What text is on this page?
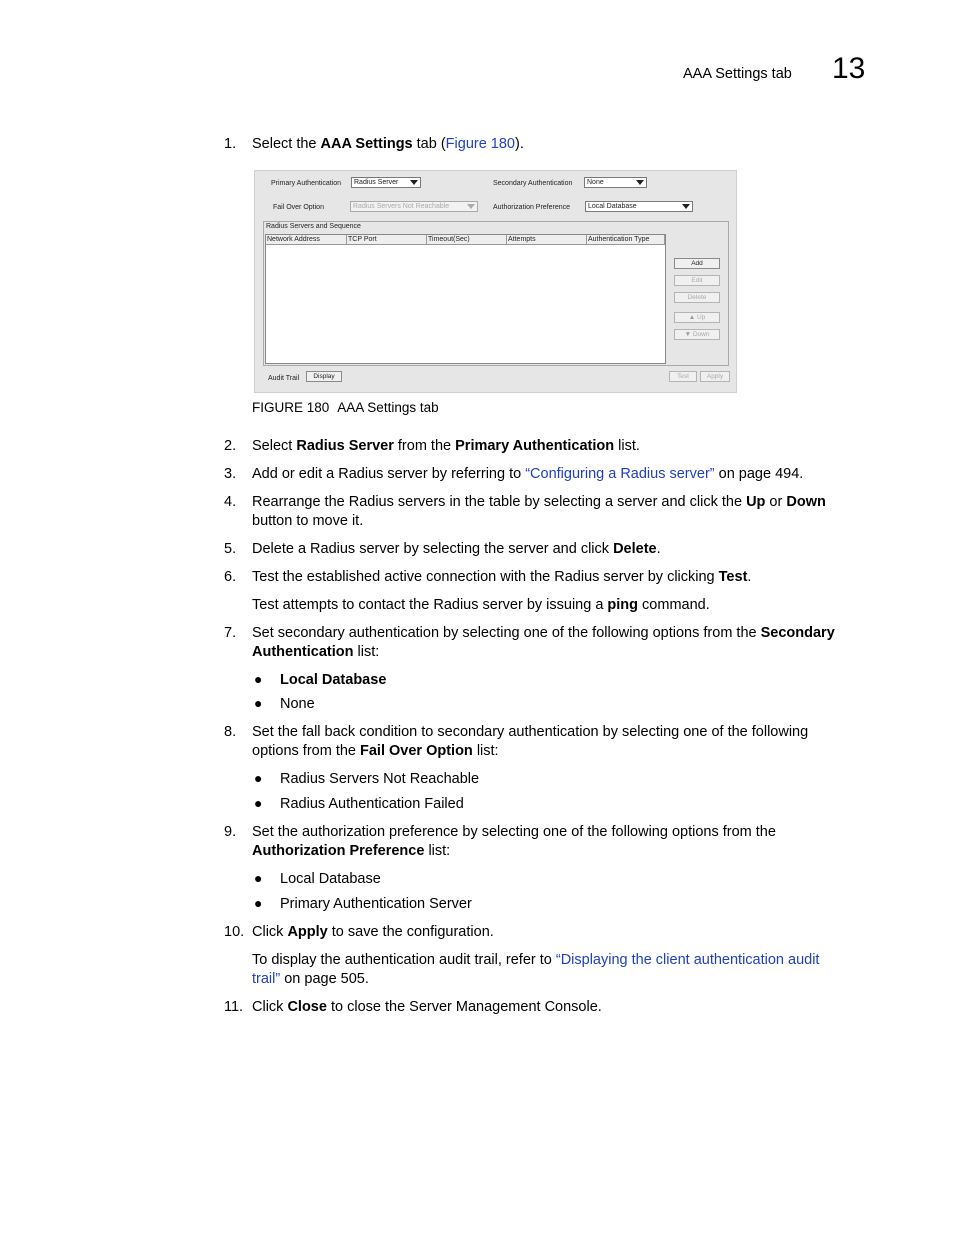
AAA Settings tab 13
1.	Select the AAA Settings tab (Figure 180).
Primary Authentication	Radius Server	Secondary Authentication	None
Fail Over Option	Radius Servers Not Reachable	Authorization Preference	Local Database
Radius Servers and Sequence
Network Address	TCP Port	Timeout(Sec)	Attempts	Authentication Type
Add
Edit
Delete
▲ Up
▼ Down
Audit Trail	Display	Test	Apply
FIGURE 180 AAA Settings tab
2.	Select Radius Server from the Primary Authentication list.
3.	Add or edit a Radius server by referring to “Configuring a Radius server” on page 494.
4.	Rearrange the Radius servers in the table by selecting a server and click the Up or Down
button to move it.
5.	Delete a Radius server by selecting the server and click Delete.
6.	Test the established active connection with the Radius server by clicking Test.
Test attempts to contact the Radius server by issuing a ping command.
7.	Set secondary authentication by selecting one of the following options from the Secondary
Authentication list:
● Local Database
● None
8.	Set the fall back condition to secondary authentication by selecting one of the following
options from the Fail Over Option list:
● Radius Servers Not Reachable
● Radius Authentication Failed
9.	Set the authorization preference by selecting one of the following options from the
Authorization Preference list:
● Local Database
● Primary Authentication Server
10. Click Apply to save the configuration.
To display the authentication audit trail, refer to “Displaying the client authentication audit
trail” on page 505.
11. Click Close to close the Server Management Console.
